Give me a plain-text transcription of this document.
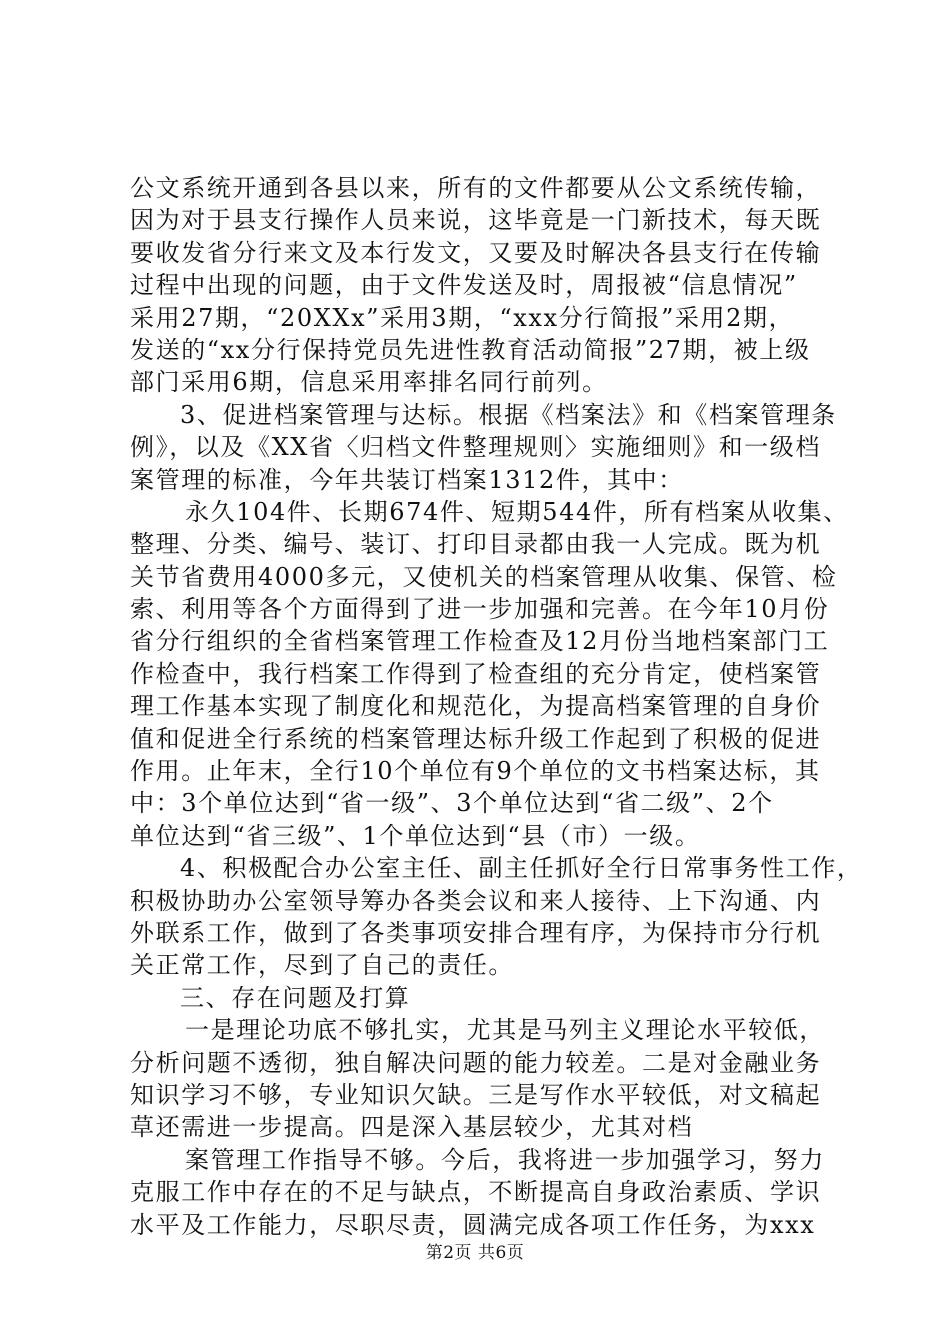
公文系统开通到各县以来，所有的文件都要从公文系统传输，
因为对于县支行操作人员来说，这毕竟是一门新技术，每天既
要收发省分行来文及本行发文，又要及时解决各县支行在传输
过程中出现的问题，由于文件发送及时，周报被“信息情况”
采用27期，“20XXx”采用3期，“xxx分行简报”采用2期，
发送的“xx分行保持党员先进性教育活动简报”27期，被上级
部门采用6期，信息采用率排名同行前列。
3、促进档案管理与达标。根据《档案法》和《档案管理条
例》，以及《XX省〈归档文件整理规则〉实施细则》和一级档
案管理的标准，今年共装订档案1312件，其中：
永久104件、长期674件、短期544件，所有档案从收集、
整理、分类、编号、装订、打印目录都由我一人完成。既为机
关节省费用4000多元，又使机关的档案管理从收集、保管、检
索、利用等各个方面得到了进一步加强和完善。在今年10月份
省分行组织的全省档案管理工作检查及12月份当地档案部门工
作检查中，我行档案工作得到了检查组的充分肯定，使档案管
理工作基本实现了制度化和规范化，为提高档案管理的自身价
值和促进全行系统的档案管理达标升级工作起到了积极的促进
作用。止年末，全行10个单位有9个单位的文书档案达标，其
中：3个单位达到“省一级”、3个单位达到“省二级”、2个
单位达到“省三级”、1个单位达到“县（市）一级。
4、积极配合办公室主任、副主任抓好全行日常事务性工作，
积极协助办公室领导筹办各类会议和来人接待、上下沟通、内
外联系工作，做到了各类事项安排合理有序，为保持市分行机
关正常工作，尽到了自己的责任。
三、存在问题及打算
一是理论功底不够扎实，尤其是马列主义理论水平较低，
分析问题不透彻，独自解决问题的能力较差。二是对金融业务
知识学习不够，专业知识欠缺。三是写作水平较低，对文稿起
草还需进一步提高。四是深入基层较少，尤其对档
案管理工作指导不够。今后，我将进一步加强学习，努力
克服工作中存在的不足与缺点，不断提高自身政治素质、学识
水平及工作能力，尽职尽责，圆满完成各项工作任务，为xxx
第2页 共6页
